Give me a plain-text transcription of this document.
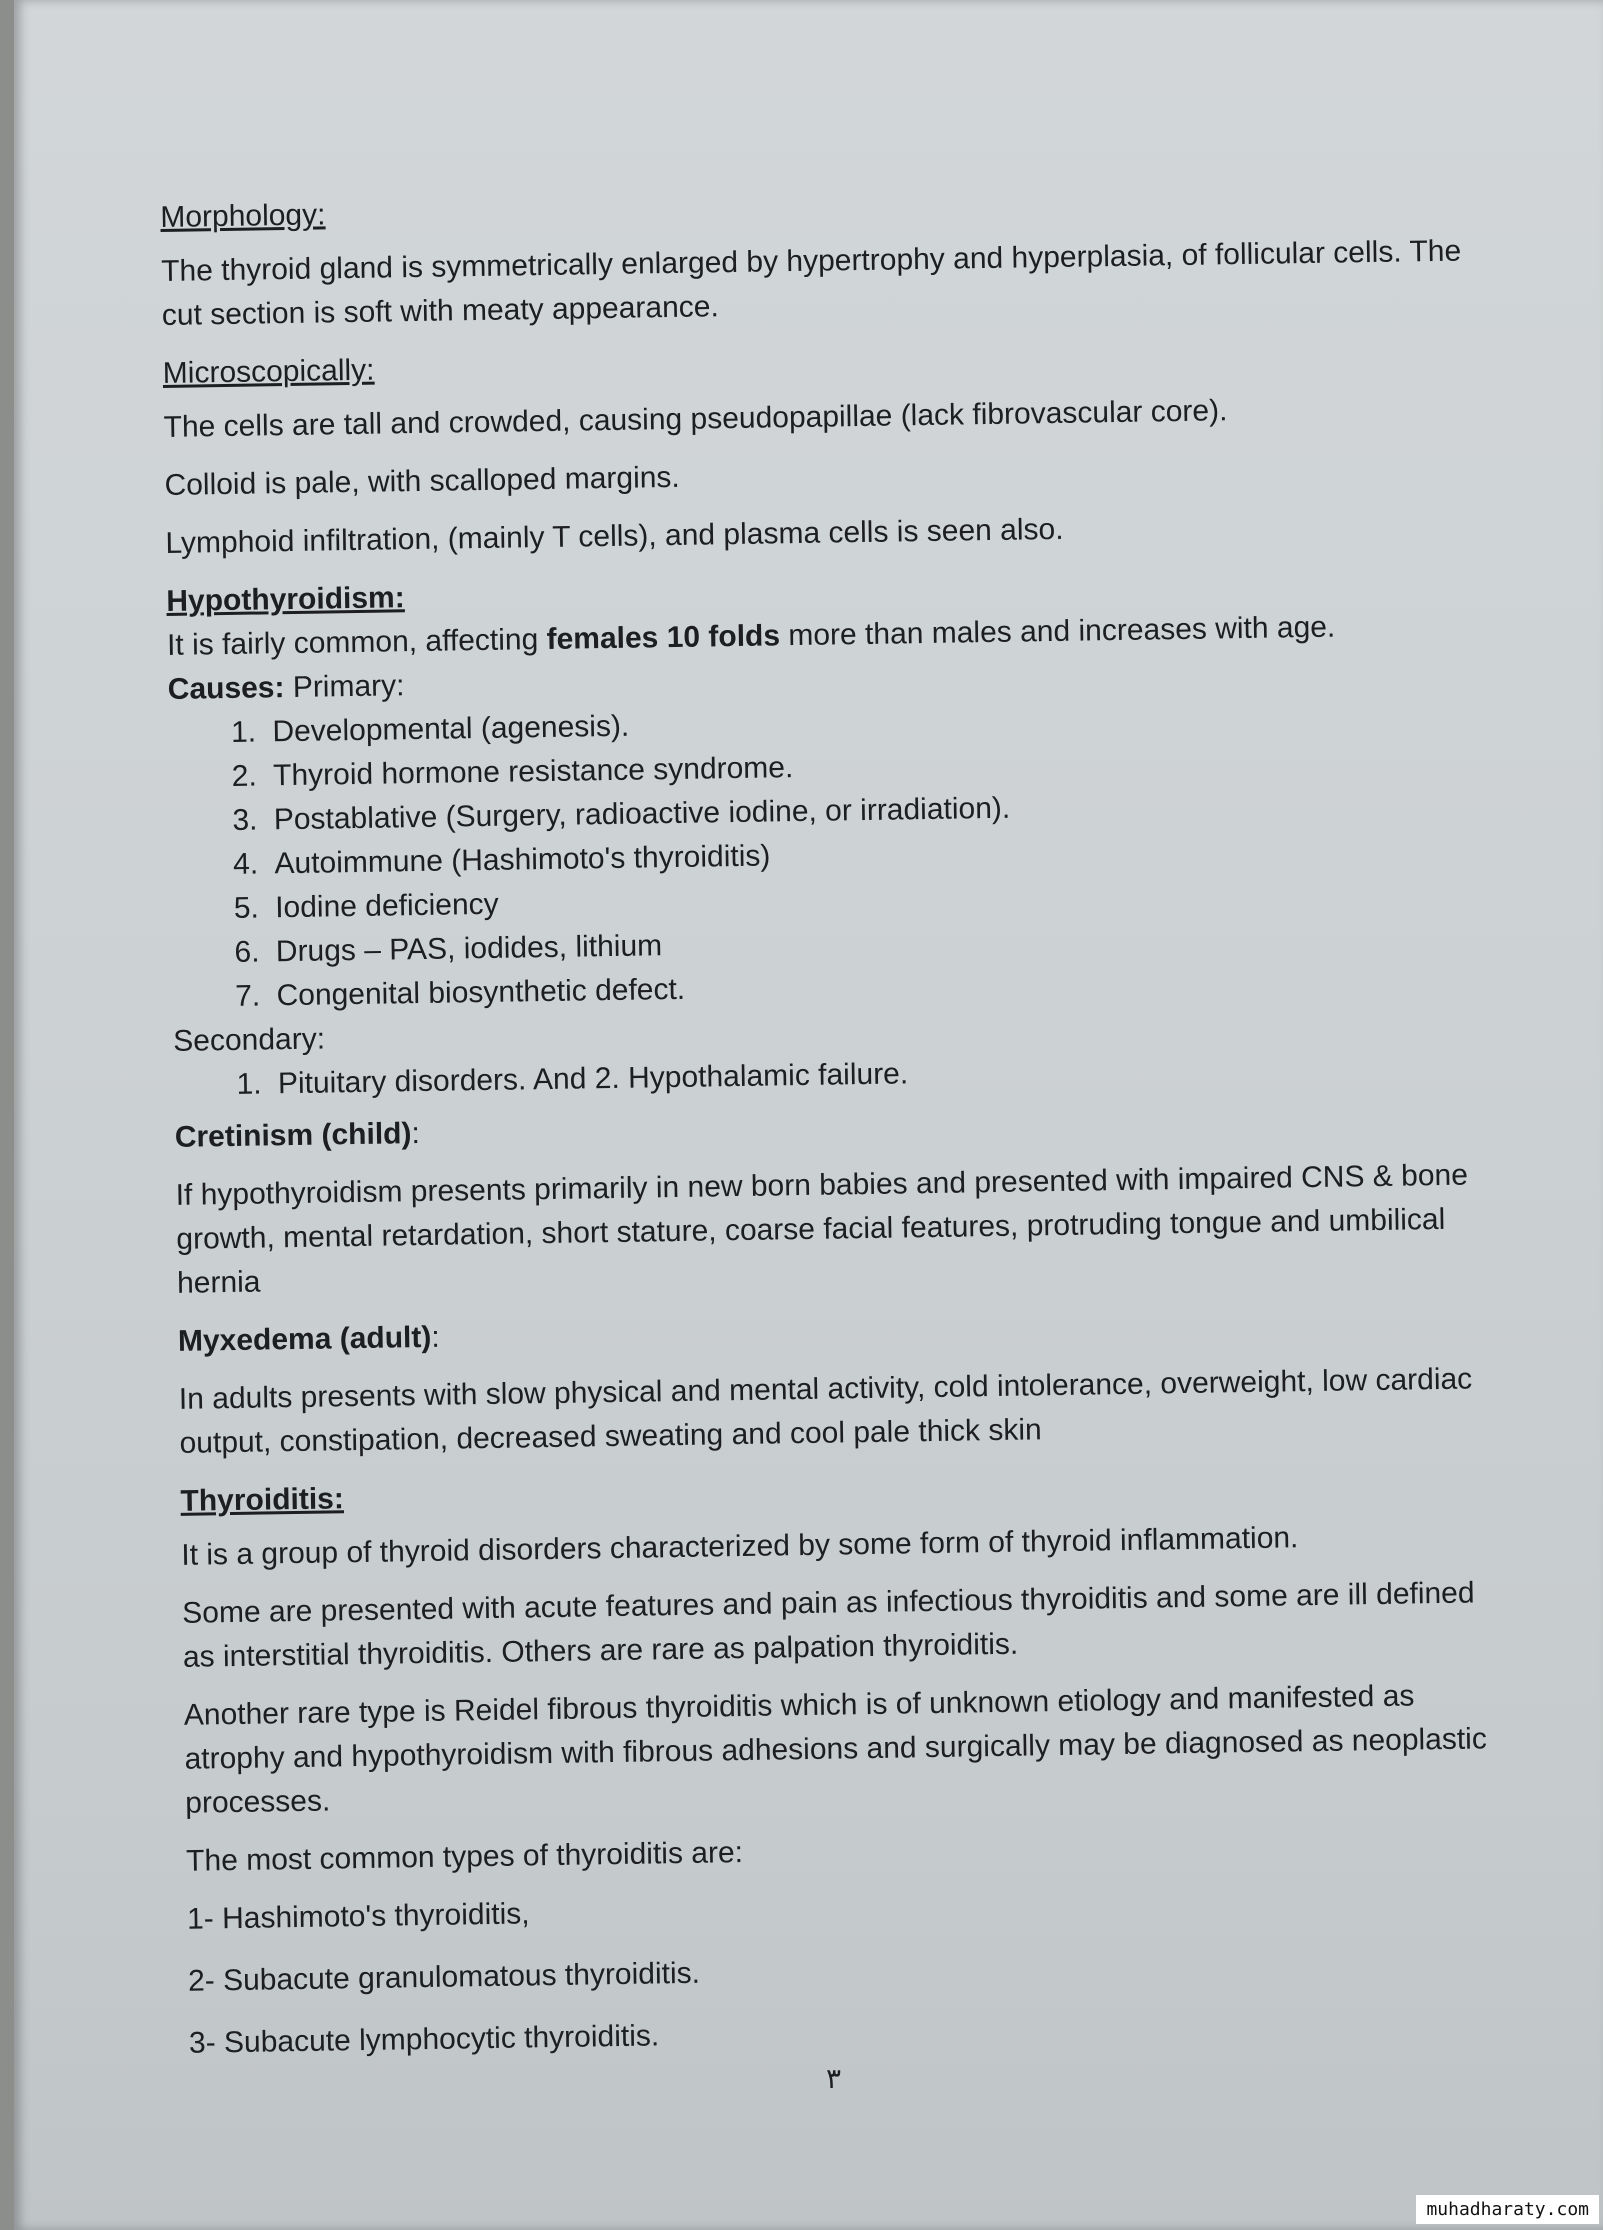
Morphology:

The thyroid gland is symmetrically enlarged by hypertrophy and hyperplasia, of follicular cells. The cut section is soft with meaty appearance.

Microscopically:

The cells are tall and crowded, causing pseudopapillae (lack fibrovascular core).

Colloid is pale, with scalloped margins.

Lymphoid infiltration, (mainly T cells), and plasma cells is seen also.

Hypothyroidism:

It is fairly common, affecting females 10 folds more than males and increases with age.

Causes: Primary:

1. Developmental (agenesis).
2. Thyroid hormone resistance syndrome.
3. Postablative (Surgery, radioactive iodine, or irradiation).
4. Autoimmune (Hashimoto's thyroiditis)
5. Iodine deficiency
6. Drugs – PAS, iodides, lithium
7. Congenital biosynthetic defect.

Secondary:

1. Pituitary disorders. And 2. Hypothalamic failure.

Cretinism (child):

If hypothyroidism presents primarily in new born babies and presented with impaired CNS & bone growth, mental retardation, short stature, coarse facial features, protruding tongue and umbilical hernia

Myxedema (adult):

In adults presents with slow physical and mental activity, cold intolerance, overweight, low cardiac output, constipation, decreased sweating and cool pale thick skin

Thyroiditis:

It is a group of thyroid disorders characterized by some form of thyroid inflammation.

Some are presented with acute features and pain as infectious thyroiditis and some are ill defined as interstitial thyroiditis. Others are rare as palpation thyroiditis.

Another rare type is Reidel fibrous thyroiditis which is of unknown etiology and manifested as atrophy and hypothyroidism with fibrous adhesions and surgically may be diagnosed as neoplastic processes.

The most common types of thyroiditis are:

1- Hashimoto's thyroiditis,

2- Subacute granulomatous thyroiditis.

3- Subacute lymphocytic thyroiditis.

٣
muhadharaty.com
